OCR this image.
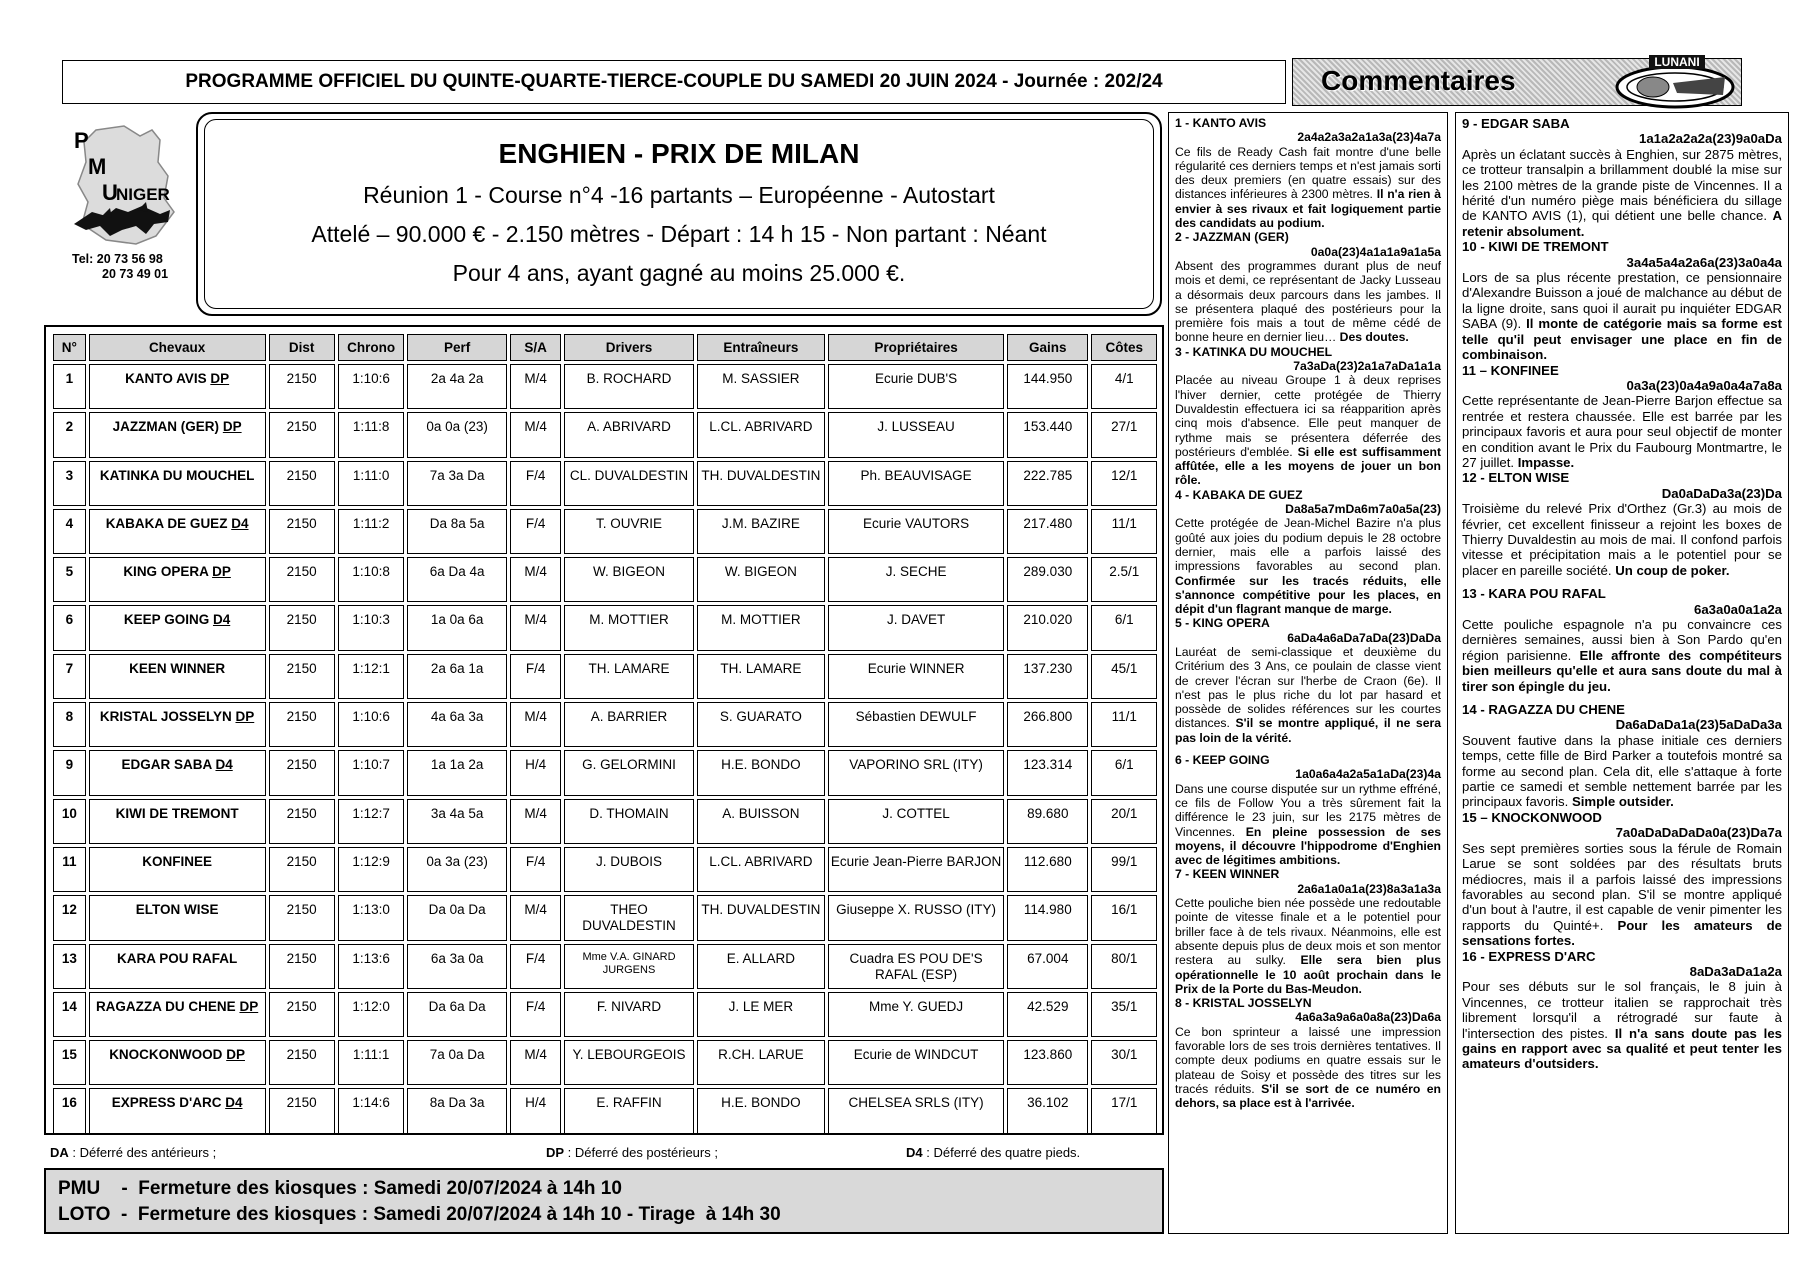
PROGRAMME OFFICIEL DU QUINTE-QUARTE-TIERCE-COUPLE DU SAMEDI 20 JUIN 2024 - Journée : 202/24	Commentaires
LUNANI
P
M
U
NIGER
Tel: 20 73 56 98
20 73 49 01
ENGHIEN - PRIX DE MILAN
Réunion 1 - Course n°4 -16 partants – Européenne - Autostart
Attelé – 90.000 € - 2.150 mètres - Départ : 14 h 15 - Non partant : Néant
Pour 4 ans, ayant gagné au moins 25.000 €.
N°	Chevaux	Dist	Chrono	Perf	S/A	Drivers	Entraîneurs	Propriétaires	Gains	Côtes
1	KANTO AVIS DP	2150	1:10:6	2a 4a 2a	M/4	B. ROCHARD	M. SASSIER	Ecurie DUB'S	144.950	4/1
2	JAZZMAN (GER) DP	2150	1:11:8	0a 0a (23)	M/4	A. ABRIVARD	L.CL. ABRIVARD	J. LUSSEAU	153.440	27/1
3	KATINKA DU MOUCHEL	2150	1:11:0	7a 3a Da	F/4	CL. DUVALDESTIN	TH. DUVALDESTIN	Ph. BEAUVISAGE	222.785	12/1
4	KABAKA DE GUEZ D4	2150	1:11:2	Da 8a 5a	F/4	T. OUVRIE	J.M. BAZIRE	Ecurie VAUTORS	217.480	11/1
5	KING OPERA DP	2150	1:10:8	6a Da 4a	M/4	W. BIGEON	W. BIGEON	J. SECHE	289.030	2.5/1
6	KEEP GOING D4	2150	1:10:3	1a 0a 6a	M/4	M. MOTTIER	M. MOTTIER	J. DAVET	210.020	6/1
7	KEEN WINNER	2150	1:12:1	2a 6a 1a	F/4	TH. LAMARE	TH. LAMARE	Ecurie WINNER	137.230	45/1
8	KRISTAL JOSSELYN DP	2150	1:10:6	4a 6a 3a	M/4	A. BARRIER	S. GUARATO	Sébastien DEWULF	266.800	11/1
9	EDGAR SABA D4	2150	1:10:7	1a 1a 2a	H/4	G. GELORMINI	H.E. BONDO	VAPORINO SRL (ITY)	123.314	6/1
10	KIWI DE TREMONT	2150	1:12:7	3a 4a 5a	M/4	D. THOMAIN	A. BUISSON	J. COTTEL	89.680	20/1
11	KONFINEE	2150	1:12:9	0a 3a (23)	F/4	J. DUBOIS	L.CL. ABRIVARD	Ecurie Jean-Pierre BARJON	112.680	99/1
12	ELTON WISE	2150	1:13:0	Da 0a Da	M/4	THEO DUVALDESTIN	TH. DUVALDESTIN	Giuseppe X. RUSSO (ITY)	114.980	16/1
13	KARA POU RAFAL	2150	1:13:6	6a 3a 0a	F/4	Mme V.A. GINARD JURGENS	E. ALLARD	Cuadra ES POU DE'S RAFAL (ESP)	67.004	80/1
14	RAGAZZA DU CHENE DP	2150	1:12:0	Da 6a Da	F/4	F. NIVARD	J. LE MER	Mme Y. GUEDJ	42.529	35/1
15	KNOCKONWOOD DP	2150	1:11:1	7a 0a Da	M/4	Y. LEBOURGEOIS	R.CH. LARUE	Ecurie de WINDCUT	123.860	30/1
16	EXPRESS D'ARC D4	2150	1:14:6	8a Da 3a	H/4	E. RAFFIN	H.E. BONDO	CHELSEA SRLS (ITY)	36.102	17/1
DA : Déferré des antérieurs ;	DP : Déferré des postérieurs ;	D4 : Déferré des quatre pieds.
PMU    -  Fermeture des kiosques : Samedi 20/07/2024 à 14h 10
LOTO  -  Fermeture des kiosques : Samedi 20/07/2024 à 14h 10 - Tirage  à 14h 30
1 - KANTO AVIS
2a4a2a3a2a1a3a(23)4a7a
Ce fils de Ready Cash fait montre d'une belle régularité ces derniers temps et n'est jamais sorti des deux premiers (en quatre essais) sur des distances inférieures à 2300 mètres. Il n'a rien à envier à ses rivaux et fait logiquement partie des candidats au podium.
2 - JAZZMAN (GER)
0a0a(23)4a1a1a9a1a5a
Absent des programmes durant plus de neuf mois et demi, ce représentant de Jacky Lusseau a désormais deux parcours dans les jambes. Il se présentera plaqué des postérieurs pour la première fois mais a tout de même cédé de bonne heure en dernier lieu… Des doutes.
3 - KATINKA DU MOUCHEL
7a3aDa(23)2a1a7aDa1a1a
Placée au niveau Groupe 1 à deux reprises l'hiver dernier, cette protégée de Thierry Duvaldestin effectuera ici sa réapparition après cinq mois d'absence. Elle peut manquer de rythme mais se présentera déferrée des postérieurs d'emblée. Si elle est suffisamment affûtée, elle a les moyens de jouer un bon rôle.
4 - KABAKA DE GUEZ
Da8a5a7mDa6m7a0a5a(23)
Cette protégée de Jean-Michel Bazire n'a plus goûté aux joies du podium depuis le 28 octobre dernier, mais elle a parfois laissé des impressions favorables au second plan. Confirmée sur les tracés réduits, elle s'annonce compétitive pour les places, en dépit d'un flagrant manque de marge.
5 - KING OPERA
6aDa4a6aDa7aDa(23)DaDa
Lauréat de semi-classique et deuxième du Critérium des 3 Ans, ce poulain de classe vient de crever l'écran sur l'herbe de Craon (6e). Il n'est pas le plus riche du lot par hasard et possède de solides références sur les courtes distances. S'il se montre appliqué, il ne sera pas loin de la vérité.
6 - KEEP GOING
1a0a6a4a2a5a1aDa(23)4a
Dans une course disputée sur un rythme effréné, ce fils de Follow You a très sûrement fait la différence le 23 juin, sur les 2175 mètres de Vincennes. En pleine possession de ses moyens, il découvre l'hippodrome d'Enghien avec de légitimes ambitions.
7 - KEEN WINNER
2a6a1a0a1a(23)8a3a1a3a
Cette pouliche bien née possède une redoutable pointe de vitesse finale et a le potentiel pour briller face à de tels rivaux. Néanmoins, elle est absente depuis plus de deux mois et son mentor restera au sulky. Elle sera bien plus opérationnelle le 10 août prochain dans le Prix de la Porte du Bas-Meudon.
8 - KRISTAL JOSSELYN
4a6a3a9a6a0a8a(23)Da6a
Ce bon sprinteur a laissé une impression favorable lors de ses trois dernières tentatives. Il compte deux podiums en quatre essais sur le plateau de Soisy et possède des titres sur les tracés réduits. S'il se sort de ce numéro en dehors, sa place est à l'arrivée.
9 - EDGAR SABA
1a1a2a2a2a(23)9a0aDa
Après un éclatant succès à Enghien, sur 2875 mètres, ce trotteur transalpin a brillamment doublé la mise sur les 2100 mètres de la grande piste de Vincennes. Il a hérité d'un numéro piège mais bénéficiera du sillage de KANTO AVIS (1), qui détient une belle chance. A retenir absolument.
10 - KIWI DE TREMONT
3a4a5a4a2a6a(23)3a0a4a
Lors de sa plus récente prestation, ce pensionnaire d'Alexandre Buisson a joué de malchance au début de la ligne droite, sans quoi il aurait pu inquiéter EDGAR SABA (9). Il monte de catégorie mais sa forme est telle qu'il peut envisager une place en fin de combinaison.
11 – KONFINEE
0a3a(23)0a4a9a0a4a7a8a
Cette représentante de Jean-Pierre Barjon effectue sa rentrée et restera chaussée. Elle est barrée par les principaux favoris et aura pour seul objectif de monter en condition avant le Prix du Faubourg Montmartre, le 27 juillet. Impasse.
12 - ELTON WISE
Da0aDaDa3a(23)Da
Troisième du relevé Prix d'Orthez (Gr.3) au mois de février, cet excellent finisseur a rejoint les boxes de Thierry Duvaldestin au mois de mai. Il confond parfois vitesse et précipitation mais a le potentiel pour se placer en pareille société. Un coup de poker.
13 - KARA POU RAFAL
6a3a0a0a1a2a
Cette pouliche espagnole n'a pu convaincre ces dernières semaines, aussi bien à Son Pardo qu'en région parisienne. Elle affronte des compétiteurs bien meilleurs qu'elle et aura sans doute du mal à tirer son épingle du jeu.
14 - RAGAZZA DU CHENE
Da6aDaDa1a(23)5aDaDa3a
Souvent fautive dans la phase initiale ces derniers temps, cette fille de Bird Parker a toutefois montré sa forme au second plan. Cela dit, elle s'attaque à forte partie ce samedi et semble nettement barrée par les principaux favoris. Simple outsider.
15 – KNOCKONWOOD
7a0aDaDaDaDa0a(23)Da7a
Ses sept premières sorties sous la férule de Romain Larue se sont soldées par des résultats bruts médiocres, mais il a parfois laissé des impressions favorables au second plan. S'il se montre appliqué d'un bout à l'autre, il est capable de venir pimenter les rapports du Quinté+. Pour les amateurs de sensations fortes.
16 - EXPRESS D'ARC
8aDa3aDa1a2a
Pour ses débuts sur le sol français, le 8 juin à Vincennes, ce trotteur italien se rapprochait très librement lorsqu'il a rétrogradé sur faute à l'intersection des pistes. Il n'a sans doute pas les gains en rapport avec sa qualité et peut tenter les amateurs d'outsiders.
